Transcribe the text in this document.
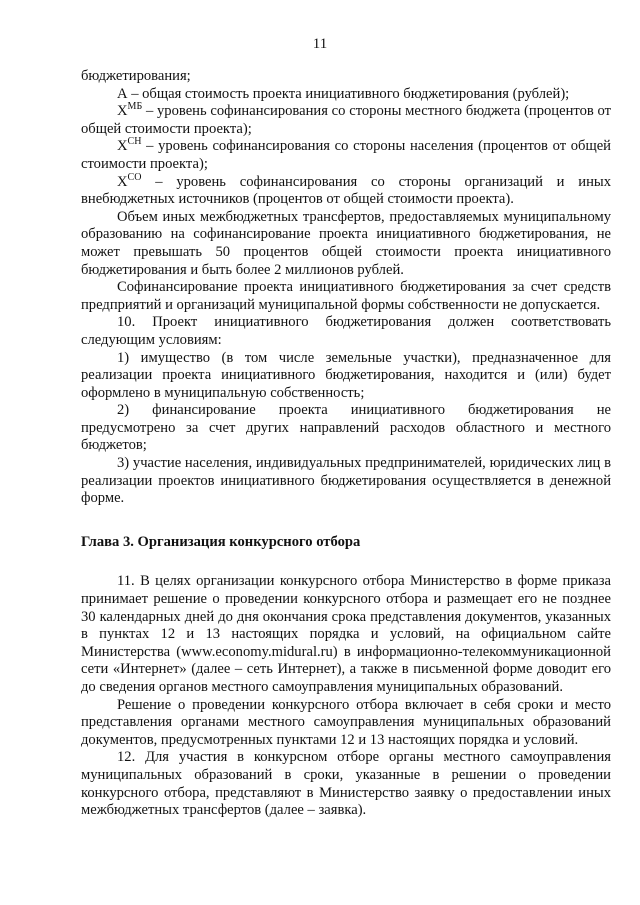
11

бюджетирования;

А – общая стоимость проекта инициативного бюджетирования (рублей);

$X^{МБ}$ – уровень софинансирования со стороны местного бюджета (процентов от общей стоимости проекта);

$X^{СН}$ – уровень софинансирования со стороны населения (процентов от общей стоимости проекта);

$X^{СО}$ – уровень софинансирования со стороны организаций и иных внебюджетных источников (процентов от общей стоимости проекта).

Объем иных межбюджетных трансфертов, предоставляемых муниципальному образованию на софинансирование проекта инициативного бюджетирования, не может превышать 50 процентов общей стоимости проекта инициативного бюджетирования и быть более 2 миллионов рублей.

Софинансирование проекта инициативного бюджетирования за счет средств предприятий и организаций муниципальной формы собственности не допускается.

10. Проект инициативного бюджетирования должен соответствовать следующим условиям:

1) имущество (в том числе земельные участки), предназначенное для реализации проекта инициативного бюджетирования, находится и (или) будет оформлено в муниципальную собственность;

2) финансирование проекта инициативного бюджетирования не предусмотрено за счет других направлений расходов областного и местного бюджетов;

3) участие населения, индивидуальных предпринимателей, юридических лиц в реализации проектов инициативного бюджетирования осуществляется в денежной форме.

Глава 3. Организация конкурсного отбора

11. В целях организации конкурсного отбора Министерство в форме приказа принимает решение о проведении конкурсного отбора и размещает его не позднее 30 календарных дней до дня окончания срока представления документов, указанных в пунктах 12 и 13 настоящих порядка и условий, на официальном сайте Министерства (www.economy.midural.ru) в информационно-телекоммуникационной сети «Интернет» (далее – сеть Интернет), а также в письменной форме доводит его до сведения органов местного самоуправления муниципальных образований.

Решение о проведении конкурсного отбора включает в себя сроки и место представления органами местного самоуправления муниципальных образований документов, предусмотренных пунктами 12 и 13 настоящих порядка и условий.

12. Для участия в конкурсном отборе органы местного самоуправления муниципальных образований в сроки, указанные в решении о проведении конкурсного отбора, представляют в Министерство заявку о предоставлении иных межбюджетных трансфертов (далее – заявка).
